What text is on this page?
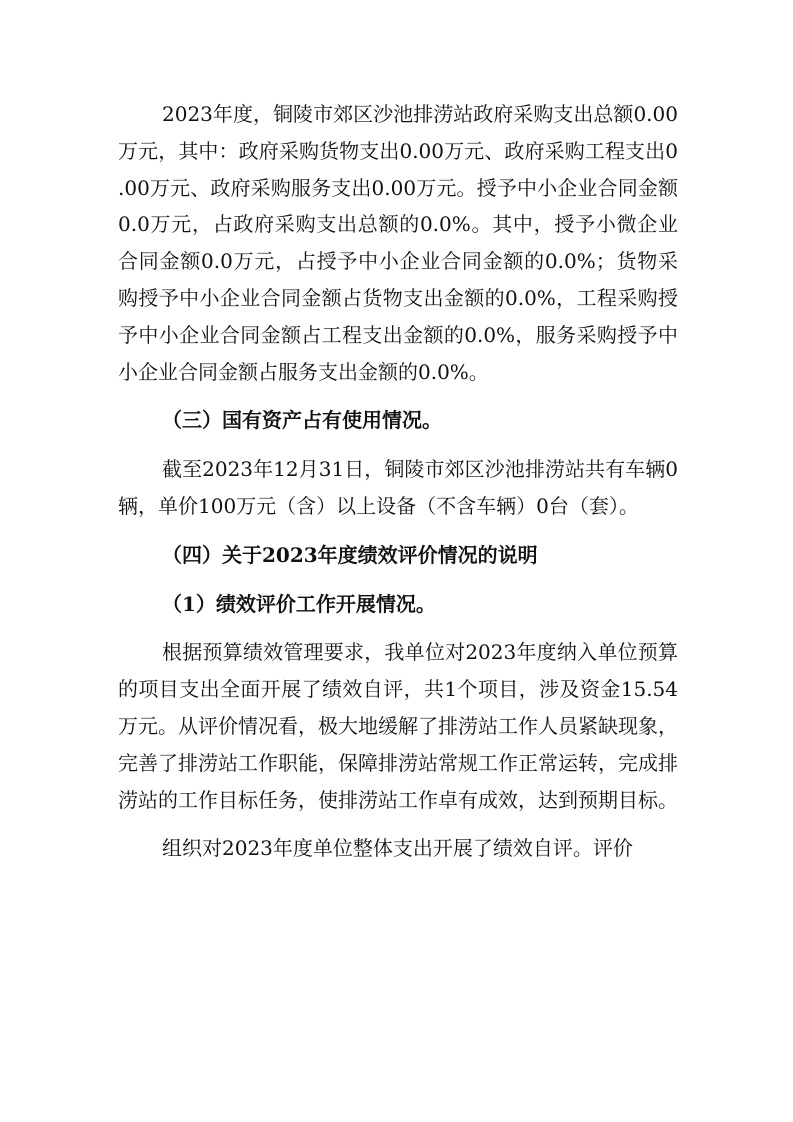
2023年度，铜陵市郊区沙池排涝站政府采购支出总额0.00万元，其中：政府采购货物支出0.00万元、政府采购工程支出0.00万元、政府采购服务支出0.00万元。授予中小企业合同金额0.0万元，占政府采购支出总额的0.0%。其中，授予小微企业合同金额0.0万元，占授予中小企业合同金额的0.0%；货物采购授予中小企业合同金额占货物支出金额的0.0%，工程采购授予中小企业合同金额占工程支出金额的0.0%，服务采购授予中小企业合同金额占服务支出金额的0.0%。

（三）国有资产占有使用情况。

截至2023年12月31日，铜陵市郊区沙池排涝站共有车辆0辆，单价100万元（含）以上设备（不含车辆）0台（套）。

（四）关于2023年度绩效评价情况的说明

（1）绩效评价工作开展情况。

根据预算绩效管理要求，我单位对2023年度纳入单位预算的项目支出全面开展了绩效自评，共1个项目，涉及资金15.54万元。从评价情况看，极大地缓解了排涝站工作人员紧缺现象，完善了排涝站工作职能，保障排涝站常规工作正常运转，完成排涝站的工作目标任务，使排涝站工作卓有成效，达到预期目标。

组织对2023年度单位整体支出开展了绩效自评。评价
